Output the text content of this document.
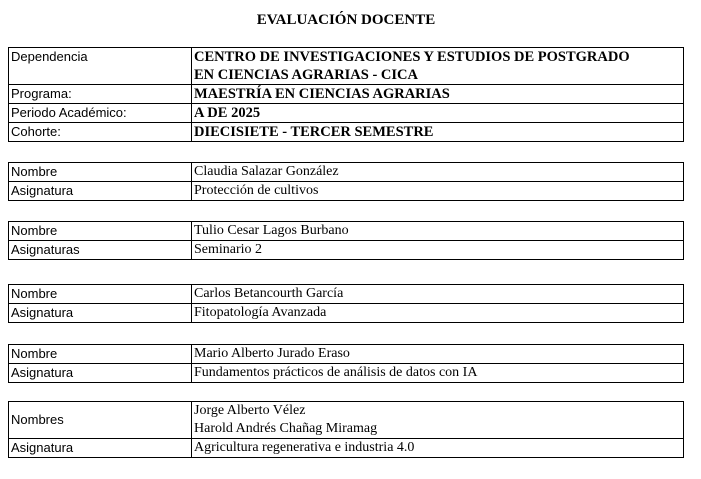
EVALUACIÓN DOCENTE
Dependencia	CENTRO DE INVESTIGACIONES Y ESTUDIOS DE POSTGRADO
EN CIENCIAS AGRARIAS - CICA

Programa:	MAESTRÍA EN CIENCIAS AGRARIAS
Periodo Académico:	A DE 2025
Cohorte:	DIECISIETE - TERCER SEMESTRE
Nombre	Claudia Salazar González
Asignatura	Protección de cultivos
Nombre	Tulio Cesar Lagos Burbano
Asignaturas	Seminario 2
Nombre	Carlos Betancourth García
Asignatura	Fitopatología Avanzada
Nombre	Mario Alberto Jurado Eraso
Asignatura	Fundamentos prácticos de análisis de datos con IA
Nombres	Jorge Alberto Vélez
Harold Andrés Chañag Miramag

Asignatura	Agricultura regenerativa e industria 4.0
